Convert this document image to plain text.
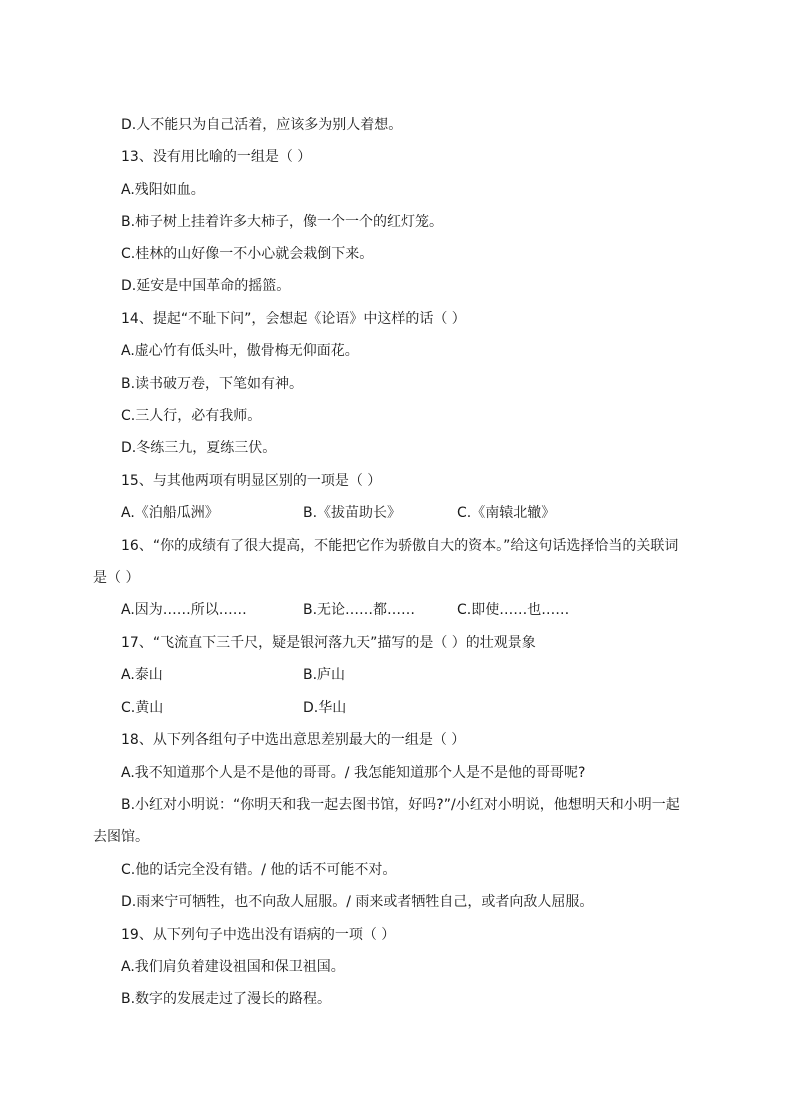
D.人不能只为自己活着，应该多为别人着想。
13、没有用比喻的一组是（ ）
A.残阳如血。
B.柿子树上挂着许多大柿子，像一个一个的红灯笼。
C.桂林的山好像一不小心就会栽倒下来。
D.延安是中国革命的摇篮。
14、提起“不耻下问”，会想起《论语》中这样的话（ ）
A.虚心竹有低头叶，傲骨梅无仰面花。
B.读书破万卷，下笔如有神。
C.三人行，必有我师。
D.冬练三九，夏练三伏。
15、与其他两项有明显区别的一项是（ ）
A.《泊船瓜洲》	B.《拔苗助长》	C.《南辕北辙》
16、“你的成绩有了很大提高，不能把它作为骄傲自大的资本。”给这句话选择恰当的关联词
是（ ）
A.因为……所以……	B.无论……都……	C.即使……也……
17、“飞流直下三千尺，疑是银河落九天”描写的是（ ）的壮观景象
A.泰山	B.庐山
C.黄山	D.华山
18、从下列各组句子中选出意思差别最大的一组是（ ）
A.我不知道那个人是不是他的哥哥。/ 我怎能知道那个人是不是他的哥哥呢?
B.小红对小明说：“你明天和我一起去图书馆，好吗?”/小红对小明说，他想明天和小明一起
去图馆。
C.他的话完全没有错。/ 他的话不可能不对。
D.雨来宁可牺牲，也不向敌人屈服。/ 雨来或者牺牲自己，或者向敌人屈服。
19、从下列句子中选出没有语病的一项（ ）
A.我们肩负着建设祖国和保卫祖国。
B.数字的发展走过了漫长的路程。
